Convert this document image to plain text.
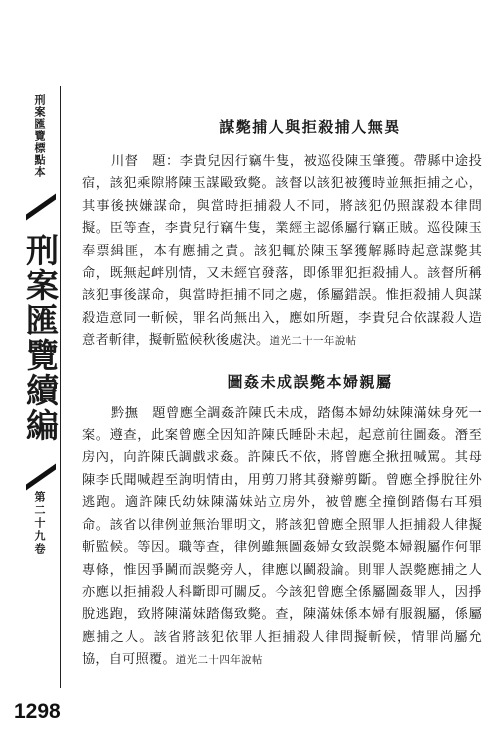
刑案匯覽標點本
刑案匯覽續編
第二十九卷
1298
謀斃捕人與拒殺捕人無異

川督　題：李貴兒因行竊牛隻，被巡役陳玉肇獲。帶縣中途投宿，該犯乘隙將陳玉謀毆致斃。該督以該犯被獲時並無拒捕之心，其事後挾嫌謀命，與當時拒捕殺人不同，將該犯仍照謀殺本律問擬。臣等查，李貴兒行竊牛隻，業經主認係屬行竊正賊。巡役陳玉奉票緝匪，本有應捕之責。該犯輒於陳玉拏獲解縣時起意謀斃其命，既無起衅別情，又未經官發落，即係罪犯拒殺捕人。該督所稱該犯事後謀命，與當時拒捕不同之處，係屬錯誤。惟拒殺捕人與謀殺造意同一斬候，罪名尚無出入，應如所題，李貴兒合依謀殺人造意者斬律，擬斬監候秋後處決。道光二十一年說帖

圖姦未成誤斃本婦親屬

黔撫　題曾應全調姦許陳氏未成，踏傷本婦幼妹陳滿妹身死一案。遵查，此案曾應全因知許陳氏睡卧未起，起意前往圖姦。潛至房內，向許陳氏調戲求姦。許陳氏不依，將曾應全揪扭喊罵。其母陳李氏聞喊趕至詢明情由，用剪刀將其發辮剪斷。曾應全掙脫往外逃跑。適許陳氏幼妹陳滿妹站立房外，被曾應全撞倒踏傷右耳殞命。該省以律例並無治罪明文，將該犯曾應全照罪人拒捕殺人律擬斬監候。等因。職等查，律例雖無圖姦婦女致誤斃本婦親屬作何罪專條，惟因爭鬭而誤斃旁人，律應以鬬殺論。則罪人誤斃應捕之人亦應以拒捕殺人科斷即可關反。今該犯曾應全係屬圖姦罪人，因掙脫逃跑，致將陳滿妹踏傷致斃。查，陳滿妹係本婦有服親屬，係屬應捕之人。該省將該犯依罪人拒捕殺人律問擬斬候，情罪尚屬允協，自可照覆。道光二十四年說帖
